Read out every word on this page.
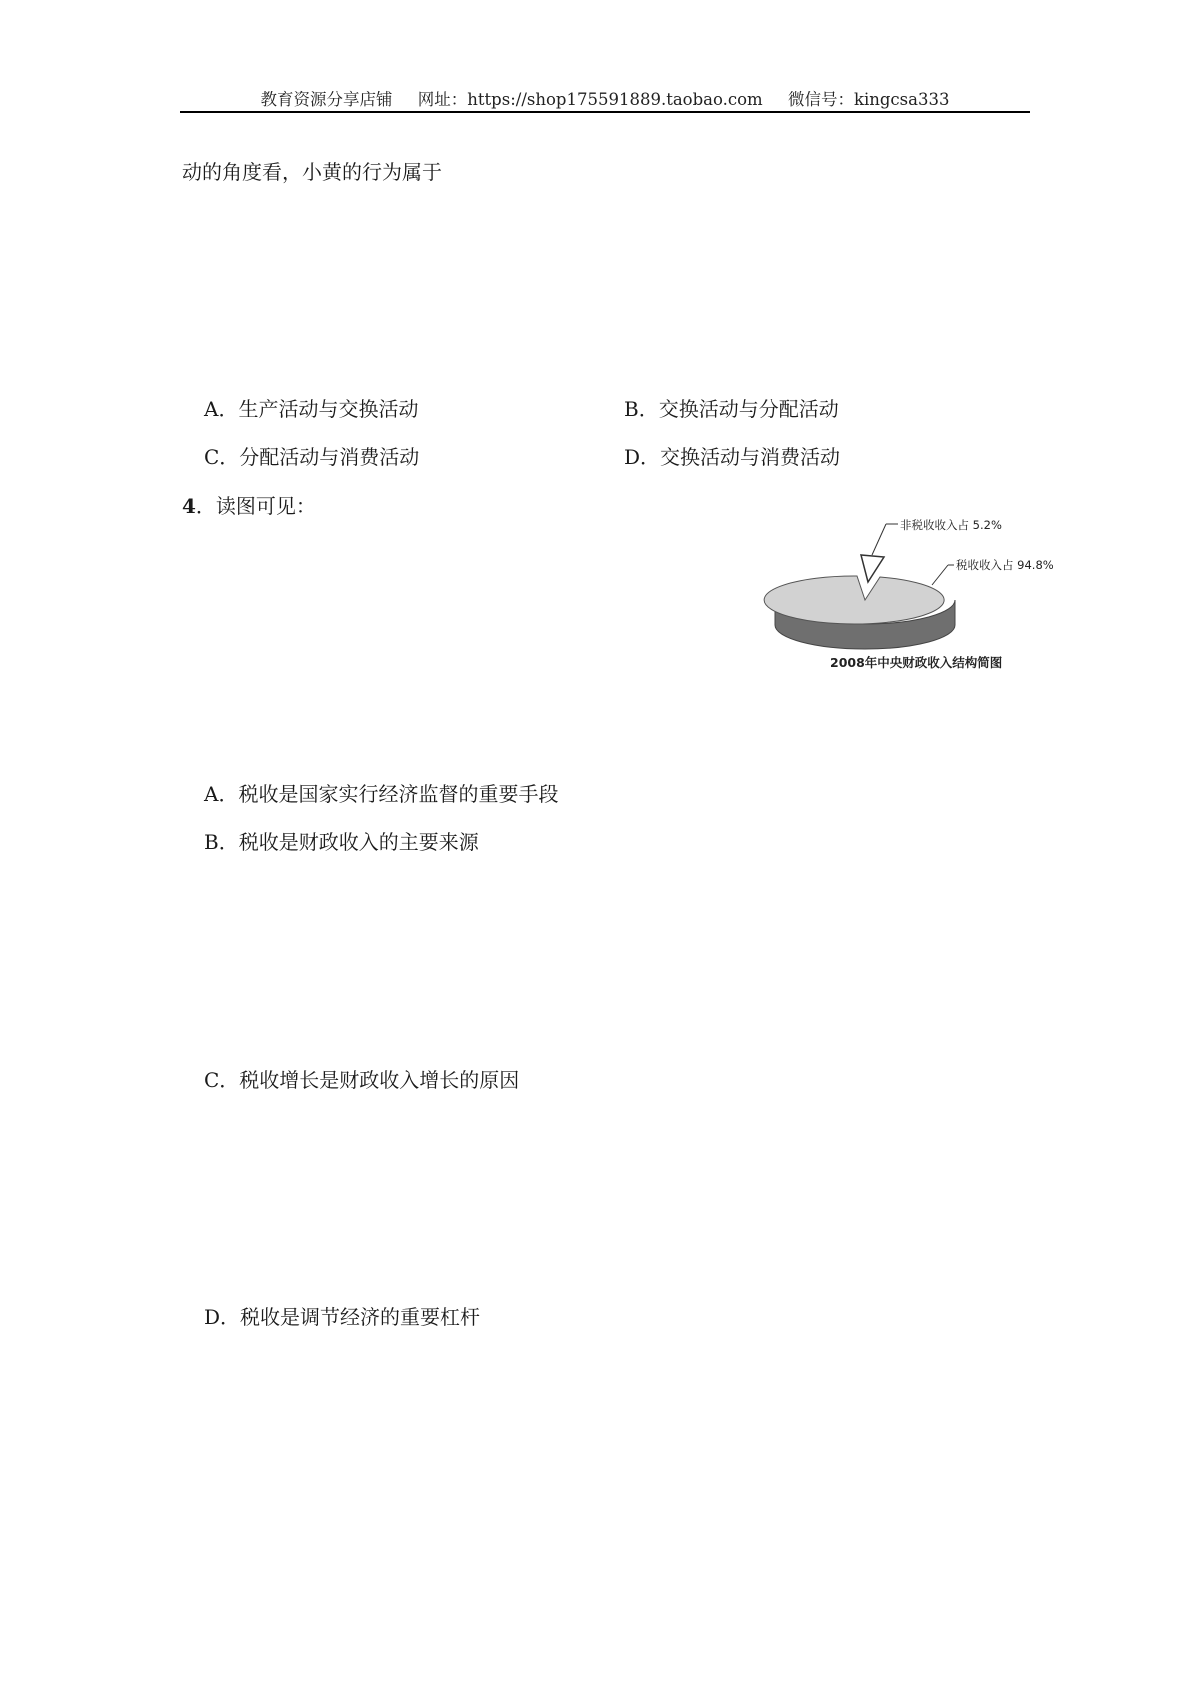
教育资源分享店铺 网址：https://shop175591889.taobao.com 微信号：kingcsa333
动的角度看，小黄的行为属于
A．生产活动与交换活动	B．交换活动与分配活动
C．分配活动与消费活动	D．交换活动与消费活动
4．读图可见：
非税收收入占 5.2%
税收收入占 94.8%
2008年中央财政收入结构简图
A．税收是国家实行经济监督的重要手段
B．税收是财政收入的主要来源
C．税收增长是财政收入增长的原因
D．税收是调节经济的重要杠杆
